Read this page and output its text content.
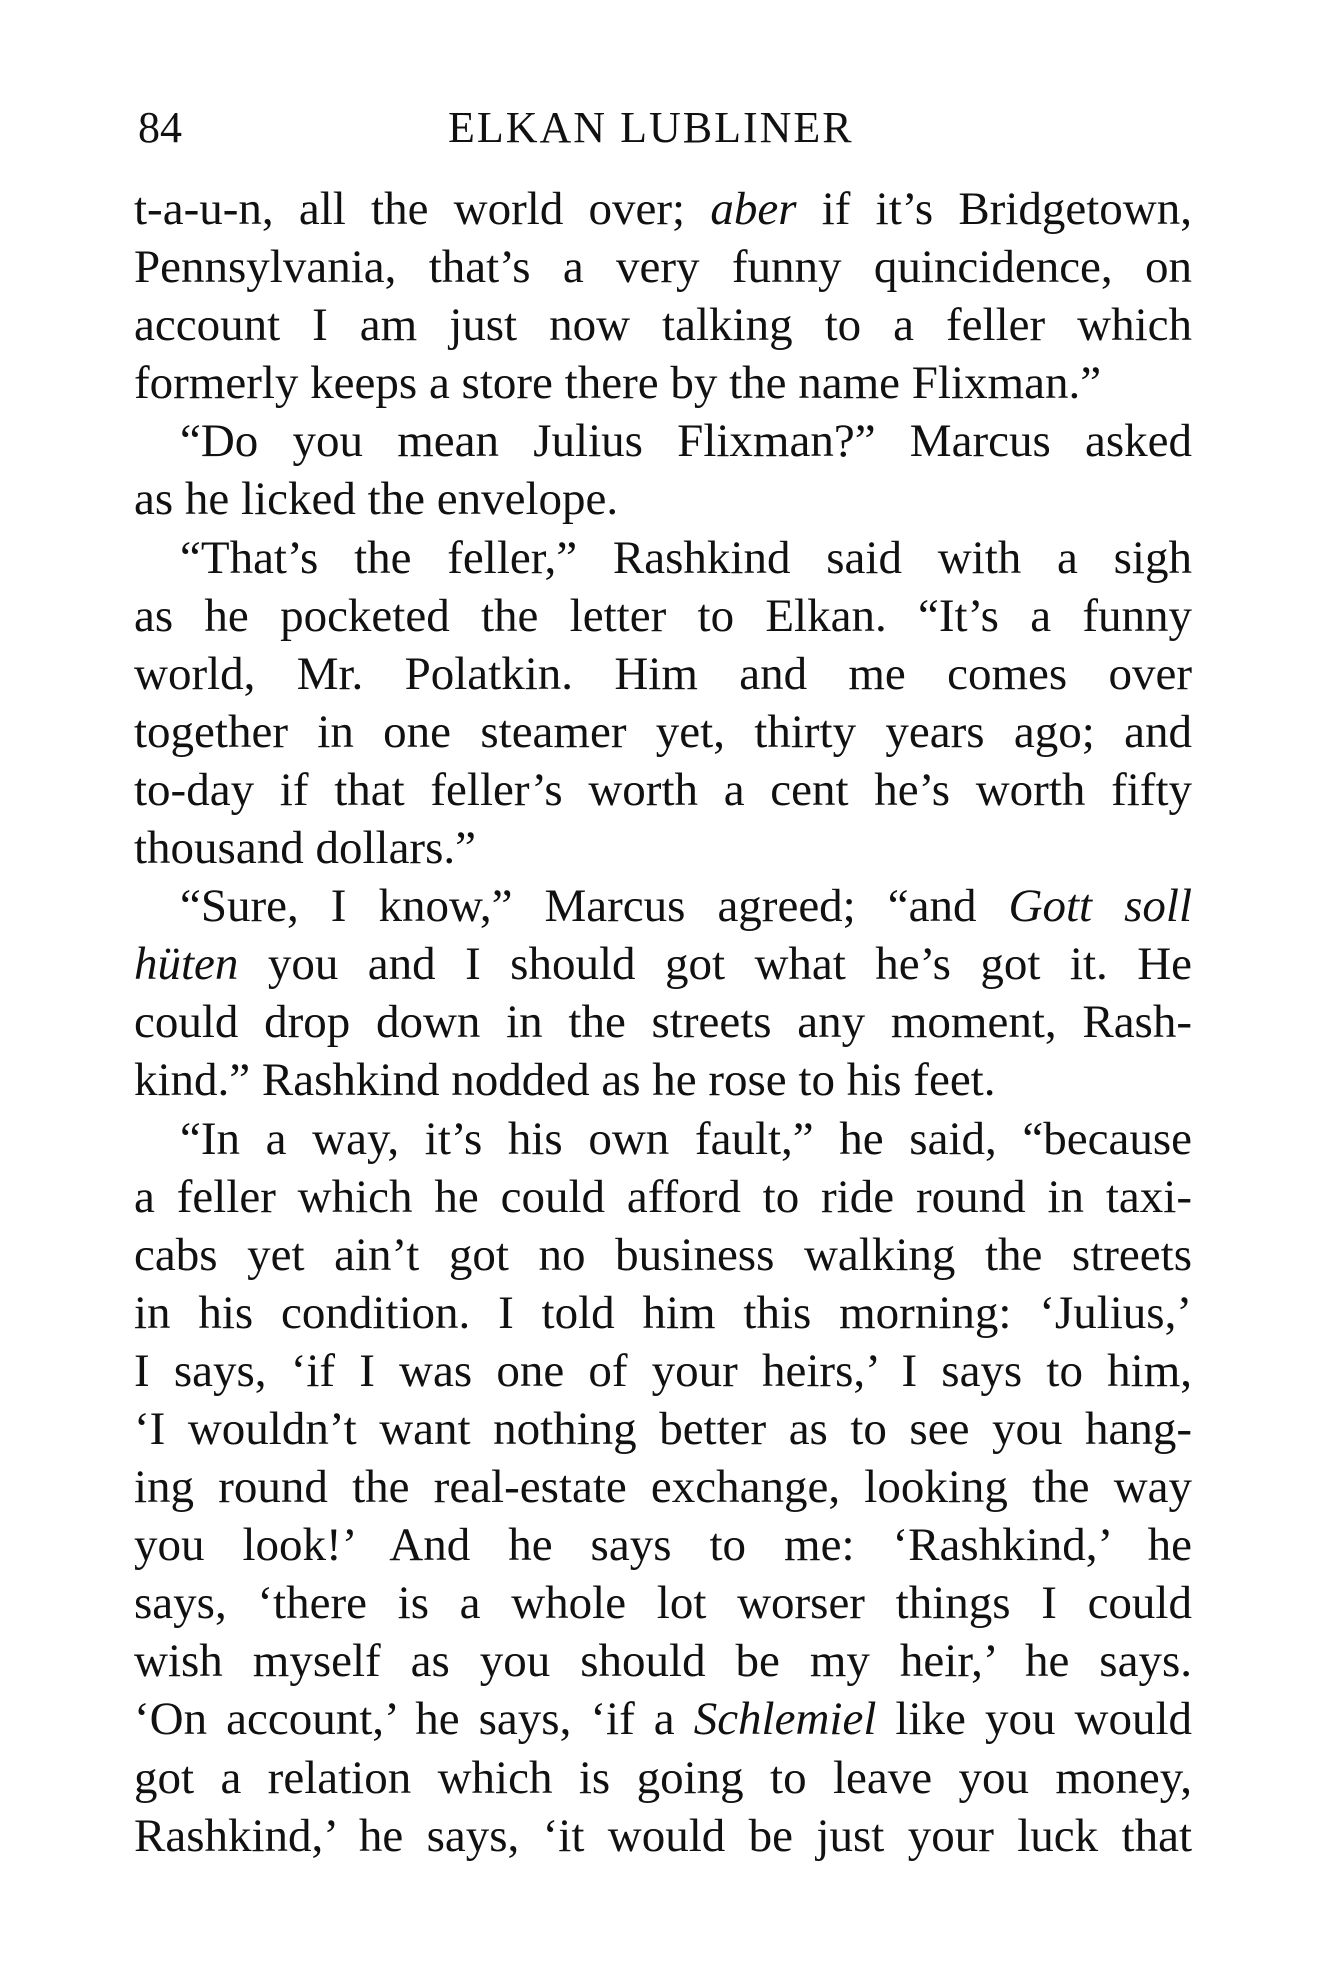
84	ELKAN LUBLINER
t-a-u-n, all the world over; aber if it’s Bridgetown,
Pennsylvania, that’s a very funny quincidence, on
account I am just now talking to a feller which
formerly keeps a store there by the name Flixman.”
“Do you mean Julius Flixman?” Marcus asked
as he licked the envelope.
“That’s the feller,” Rashkind said with a sigh
as he pocketed the letter to Elkan. “It’s a funny
world, Mr. Polatkin. Him and me comes over
together in one steamer yet, thirty years ago; and
to-day if that feller’s worth a cent he’s worth fifty
thousand dollars.”
“Sure, I know,” Marcus agreed; “and Gott soll
hüten you and I should got what he’s got it. He
could drop down in the streets any moment, Rash-
kind.” Rashkind nodded as he rose to his feet.
“In a way, it’s his own fault,” he said, “because
a feller which he could afford to ride round in taxi-
cabs yet ain’t got no business walking the streets
in his condition. I told him this morning: ‘Julius,’
I says, ‘if I was one of your heirs,’ I says to him,
‘I wouldn’t want nothing better as to see you hang-
ing round the real-estate exchange, looking the way
you look!’ And he says to me: ‘Rashkind,’ he
says, ‘there is a whole lot worser things I could
wish myself as you should be my heir,’ he says.
‘On account,’ he says, ‘if a Schlemiel like you would
got a relation which is going to leave you money,
Rashkind,’ he says, ‘it would be just your luck that
